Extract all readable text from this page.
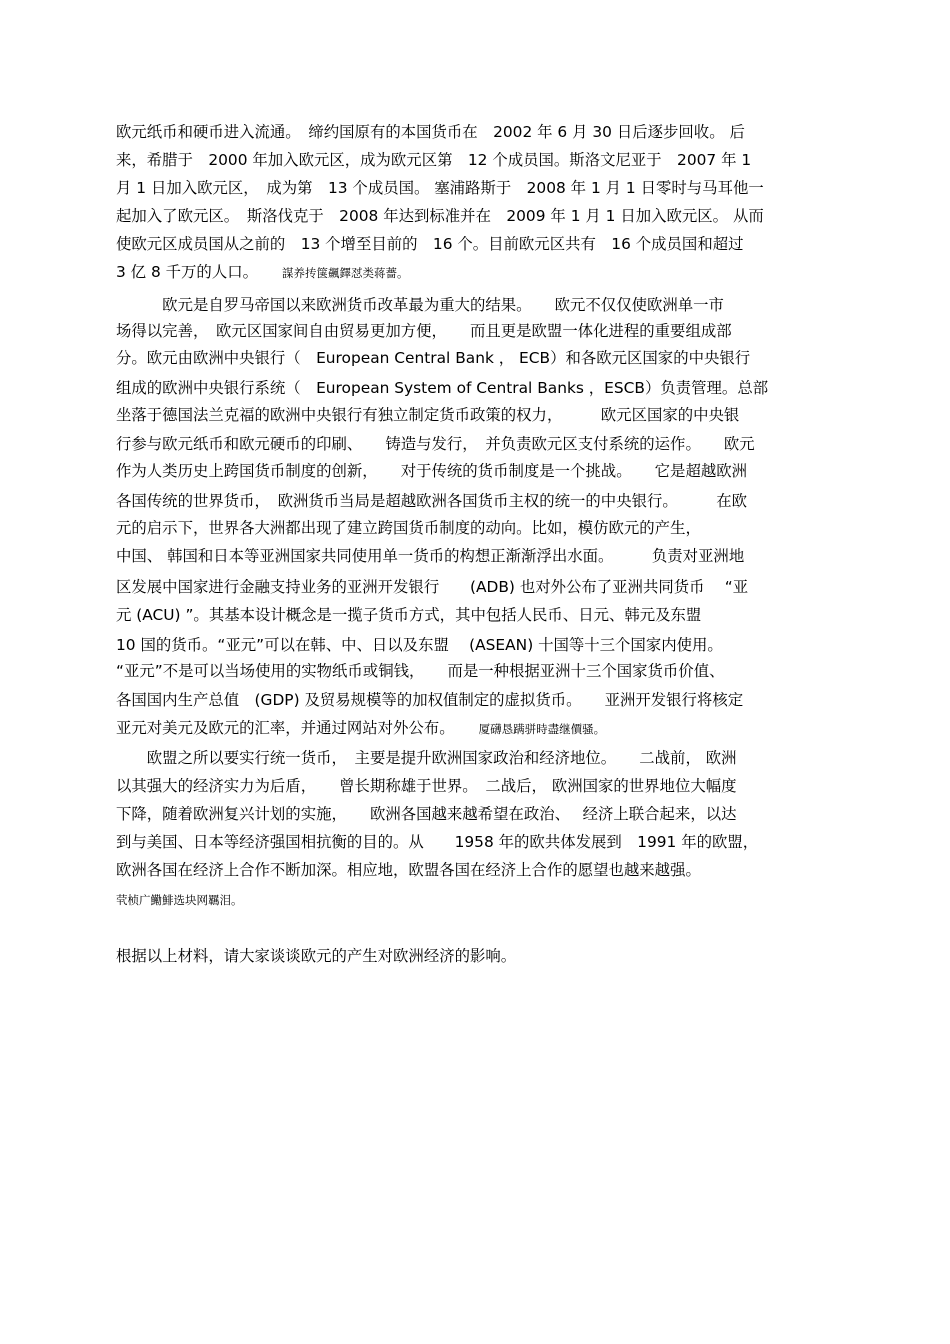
欧元纸币和硬币进入流通。　缔约国原有的本国货币在　2002 年 6 月 30 日后逐步回收。 后
来，希腊于　2000 年加入欧元区，成为欧元区第　12 个成员国。斯洛文尼亚于　2007 年 1
月 1 日加入欧元区，　成为第　13 个成员国。 塞浦路斯于　2008 年 1 月 1 日零时与马耳他一
起加入了欧元区。　斯洛伐克于　2008 年达到标准并在　2009 年 1 月 1 日加入欧元区。 从而
使欧元区成员国从之前的　13 个增至目前的　16 个。目前欧元区共有　16 个成员国和超过
3 亿 8 千万的人口。 謀养抟箧飆鐸怼类蒋薔。
　　　欧元是自罗马帝国以来欧洲货币改革最为重大的结果。　　欧元不仅仅使欧洲单一市
场得以完善，　欧元区国家间自由贸易更加方便，　　而且更是欧盟一体化进程的重要组成部
分。欧元由欧洲中央银行（　European Central Bank ， ECB）和各欧元区国家的中央银行
组成的欧洲中央银行系统（　European System of Central Banks ，ESCB）负责管理。总部
坐落于德国法兰克福的欧洲中央银行有独立制定货币政策的权力，　　　欧元区国家的中央银
行参与欧元纸币和欧元硬币的印刷、　　铸造与发行，　并负责欧元区支付系统的运作。　　欧元
作为人类历史上跨国货币制度的创新，　　对于传统的货币制度是一个挑战。　　它是超越欧洲
各国传统的世界货币，　欧洲货币当局是超越欧洲各国货币主权的统一的中央银行。　　　在欧
元的启示下，世界各大洲都出现了建立跨国货币制度的动向。比如，模仿欧元的产生，
中国、 韩国和日本等亚洲国家共同使用单一货币的构想正渐渐浮出水面。　　　负责对亚洲地
区发展中国家进行金融支持业务的亚洲开发银行　　(ADB) 也对外公布了亚洲共同货币　 “亚
元 (ACU) ”。其基本设计概念是一揽子货币方式，其中包括人民币、日元、韩元及东盟
10 国的货币。“亚元”可以在韩、中、日以及东盟　 (ASEAN) 十国等十三个国家内使用。
“亚元”不是可以当场使用的实物纸币或铜钱，　　而是一种根据亚洲十三个国家货币价值、
各国国内生产总值　(GDP) 及贸易规模等的加权值制定的虚拟货币。　　亚洲开发银行将核定
亚元对美元及欧元的汇率，并通过网站对外公布。 厦礴恳蹒骈時盡继價骚。
　　欧盟之所以要实行统一货币，　主要是提升欧洲国家政治和经济地位。　　二战前， 欧洲
以其强大的经济实力为后盾，　　曾长期称雄于世界。　二战后， 欧洲国家的世界地位大幅度
下降，随着欧洲复兴计划的实施，　　欧洲各国越来越希望在政治、　 经济上联合起来，以达
到与美国、日本等经济强国相抗衡的目的。从　　1958 年的欧共体发展到　1991 年的欧盟，
欧洲各国在经济上合作不断加深。相应地，欧盟各国在经济上合作的愿望也越来越强。
茕桢广鰳鯡选块网羈泪。
根据以上材料，请大家谈谈欧元的产生对欧洲经济的影响。
